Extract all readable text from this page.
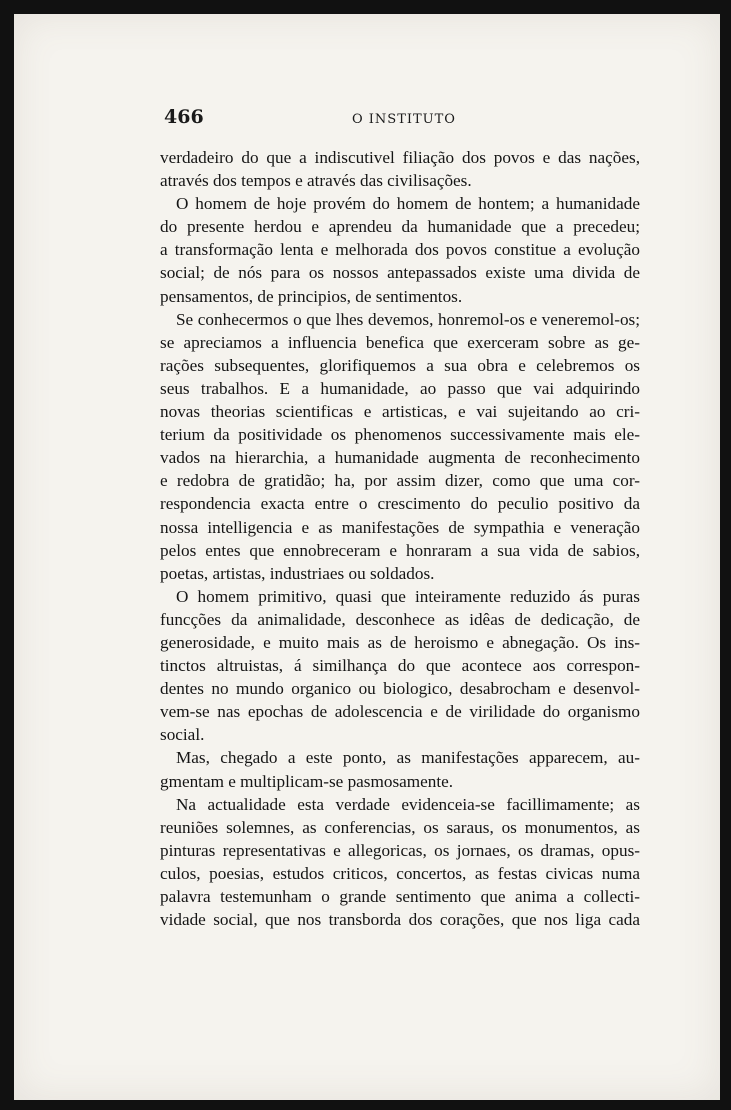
466	O INSTITUTO
verdadeiro do que a indiscutivel filiação dos povos e das nações,
através dos tempos e através das civilisações.
O homem de hoje provém do homem de hontem; a humanidade
do presente herdou e aprendeu da humanidade que a precedeu;
a transformação lenta e melhorada dos povos constitue a evolução
social; de nós para os nossos antepassados existe uma divida de
pensamentos, de principios, de sentimentos.
Se conhecermos o que lhes devemos, honremol-os e veneremol-os;
se apreciamos a influencia benefica que exerceram sobre as ge-
rações subsequentes, glorifiquemos a sua obra e celebremos os
seus trabalhos. E a humanidade, ao passo que vai adquirindo
novas theorias scientificas e artisticas, e vai sujeitando ao cri-
terium da positividade os phenomenos successivamente mais ele-
vados na hierarchia, a humanidade augmenta de reconhecimento
e redobra de gratidão; ha, por assim dizer, como que uma cor-
respondencia exacta entre o crescimento do peculio positivo da
nossa intelligencia e as manifestações de sympathia e veneração
pelos entes que ennobreceram e honraram a sua vida de sabios,
poetas, artistas, industriaes ou soldados.
O homem primitivo, quasi que inteiramente reduzido ás puras
funcções da animalidade, desconhece as idêas de dedicação, de
generosidade, e muito mais as de heroismo e abnegação. Os ins-
tinctos altruistas, á similhança do que acontece aos correspon-
dentes no mundo organico ou biologico, desabrocham e desenvol-
vem-se nas epochas de adolescencia e de virilidade do organismo
social.
Mas, chegado a este ponto, as manifestações apparecem, au-
gmentam e multiplicam-se pasmosamente.
Na actualidade esta verdade evidenceia-se facillimamente; as
reuniões solemnes, as conferencias, os saraus, os monumentos, as
pinturas representativas e allegoricas, os jornaes, os dramas, opus-
culos, poesias, estudos criticos, concertos, as festas civicas numa
palavra testemunham o grande sentimento que anima a collecti-
vidade social, que nos transborda dos corações, que nos liga cada
